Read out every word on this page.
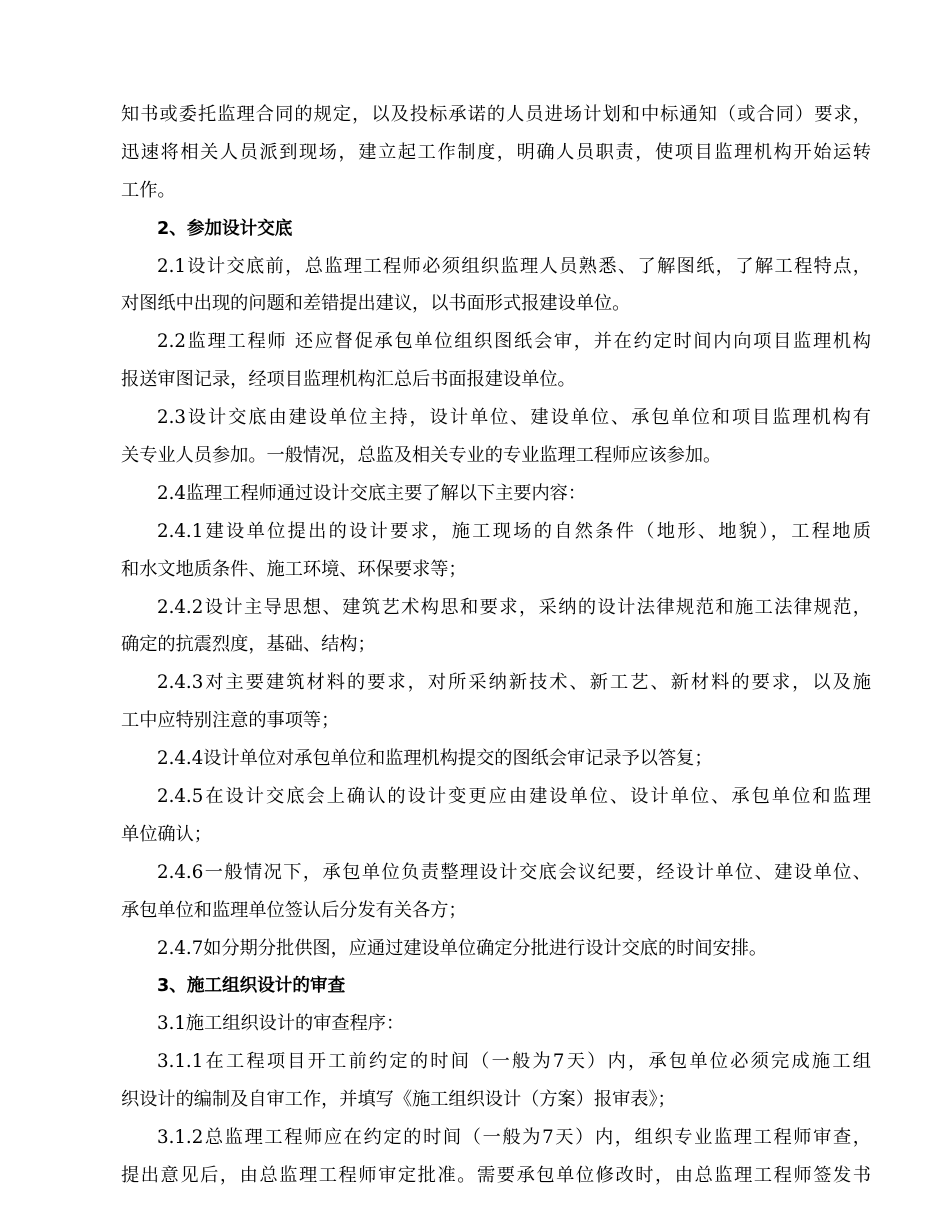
知书或委托监理合同的规定，以及投标承诺的人员进场计划和中标通知（或合同）要求，
迅速将相关人员派到现场，建立起工作制度，明确人员职责，使项目监理机构开始运转
工作。
2、参加设计交底
2.1设计交底前，总监理工程师必须组织监理人员熟悉、了解图纸，了解工程特点，
对图纸中出现的问题和差错提出建议，以书面形式报建设单位。
2.2监理工程师 还应督促承包单位组织图纸会审，并在约定时间内向项目监理机构
报送审图记录，经项目监理机构汇总后书面报建设单位。
2.3设计交底由建设单位主持，设计单位、建设单位、承包单位和项目监理机构有
关专业人员参加。一般情况，总监及相关专业的专业监理工程师应该参加。
2.4监理工程师通过设计交底主要了解以下主要内容：
2.4.1建设单位提出的设计要求，施工现场的自然条件（地形、地貌），工程地质
和水文地质条件、施工环境、环保要求等；
2.4.2设计主导思想、建筑艺术构思和要求，采纳的设计法律规范和施工法律规范，
确定的抗震烈度，基础、结构；
2.4.3对主要建筑材料的要求，对所采纳新技术、新工艺、新材料的要求，以及施
工中应特别注意的事项等；
2.4.4设计单位对承包单位和监理机构提交的图纸会审记录予以答复；
2.4.5在设计交底会上确认的设计变更应由建设单位、设计单位、承包单位和监理
单位确认；
2.4.6一般情况下，承包单位负责整理设计交底会议纪要，经设计单位、建设单位、
承包单位和监理单位签认后分发有关各方；
2.4.7如分期分批供图，应通过建设单位确定分批进行设计交底的时间安排。
3、施工组织设计的审查
3.1施工组织设计的审查程序：
3.1.1在工程项目开工前约定的时间（一般为7天）内，承包单位必须完成施工组
织设计的编制及自审工作，并填写《施工组织设计（方案）报审表》；
3.1.2总监理工程师应在约定的时间（一般为7天）内，组织专业监理工程师审查，
提出意见后，由总监理工程师审定批准。需要承包单位修改时，由总监理工程师签发书
